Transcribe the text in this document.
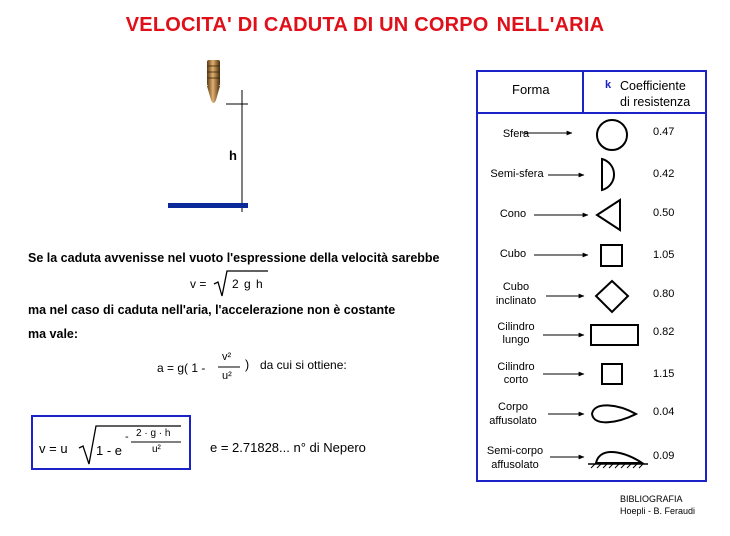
VELOCITA' DI CADUTA DI UN CORPO NELL'ARIA
h
Se la caduta avvenisse nel vuoto l'espressione della velocità sarebbe
v = 2 g h
ma nel caso di caduta nell'aria, l'accelerazione non è costante
ma vale:
a = g( 1 -
v²
u²
) da cui si ottiene:
v = u 1 - e
- 2 · g · h
u²	e = 2.71828... n° di Nepero
Forma	k Coefficiente
di resistenza
Sfera
Semi-sfera
Cono
Cubo
Cubo
inclinato
Cilindro
lungo
Cilindro
corto
Corpo
affusolato
Semi-corpo
affusolato
0.47
0.42
0.50
1.05
0.80
0.82
1.15
0.04
0.09
BIBLIOGRAFIA
Hoepli - B. Feraudi
